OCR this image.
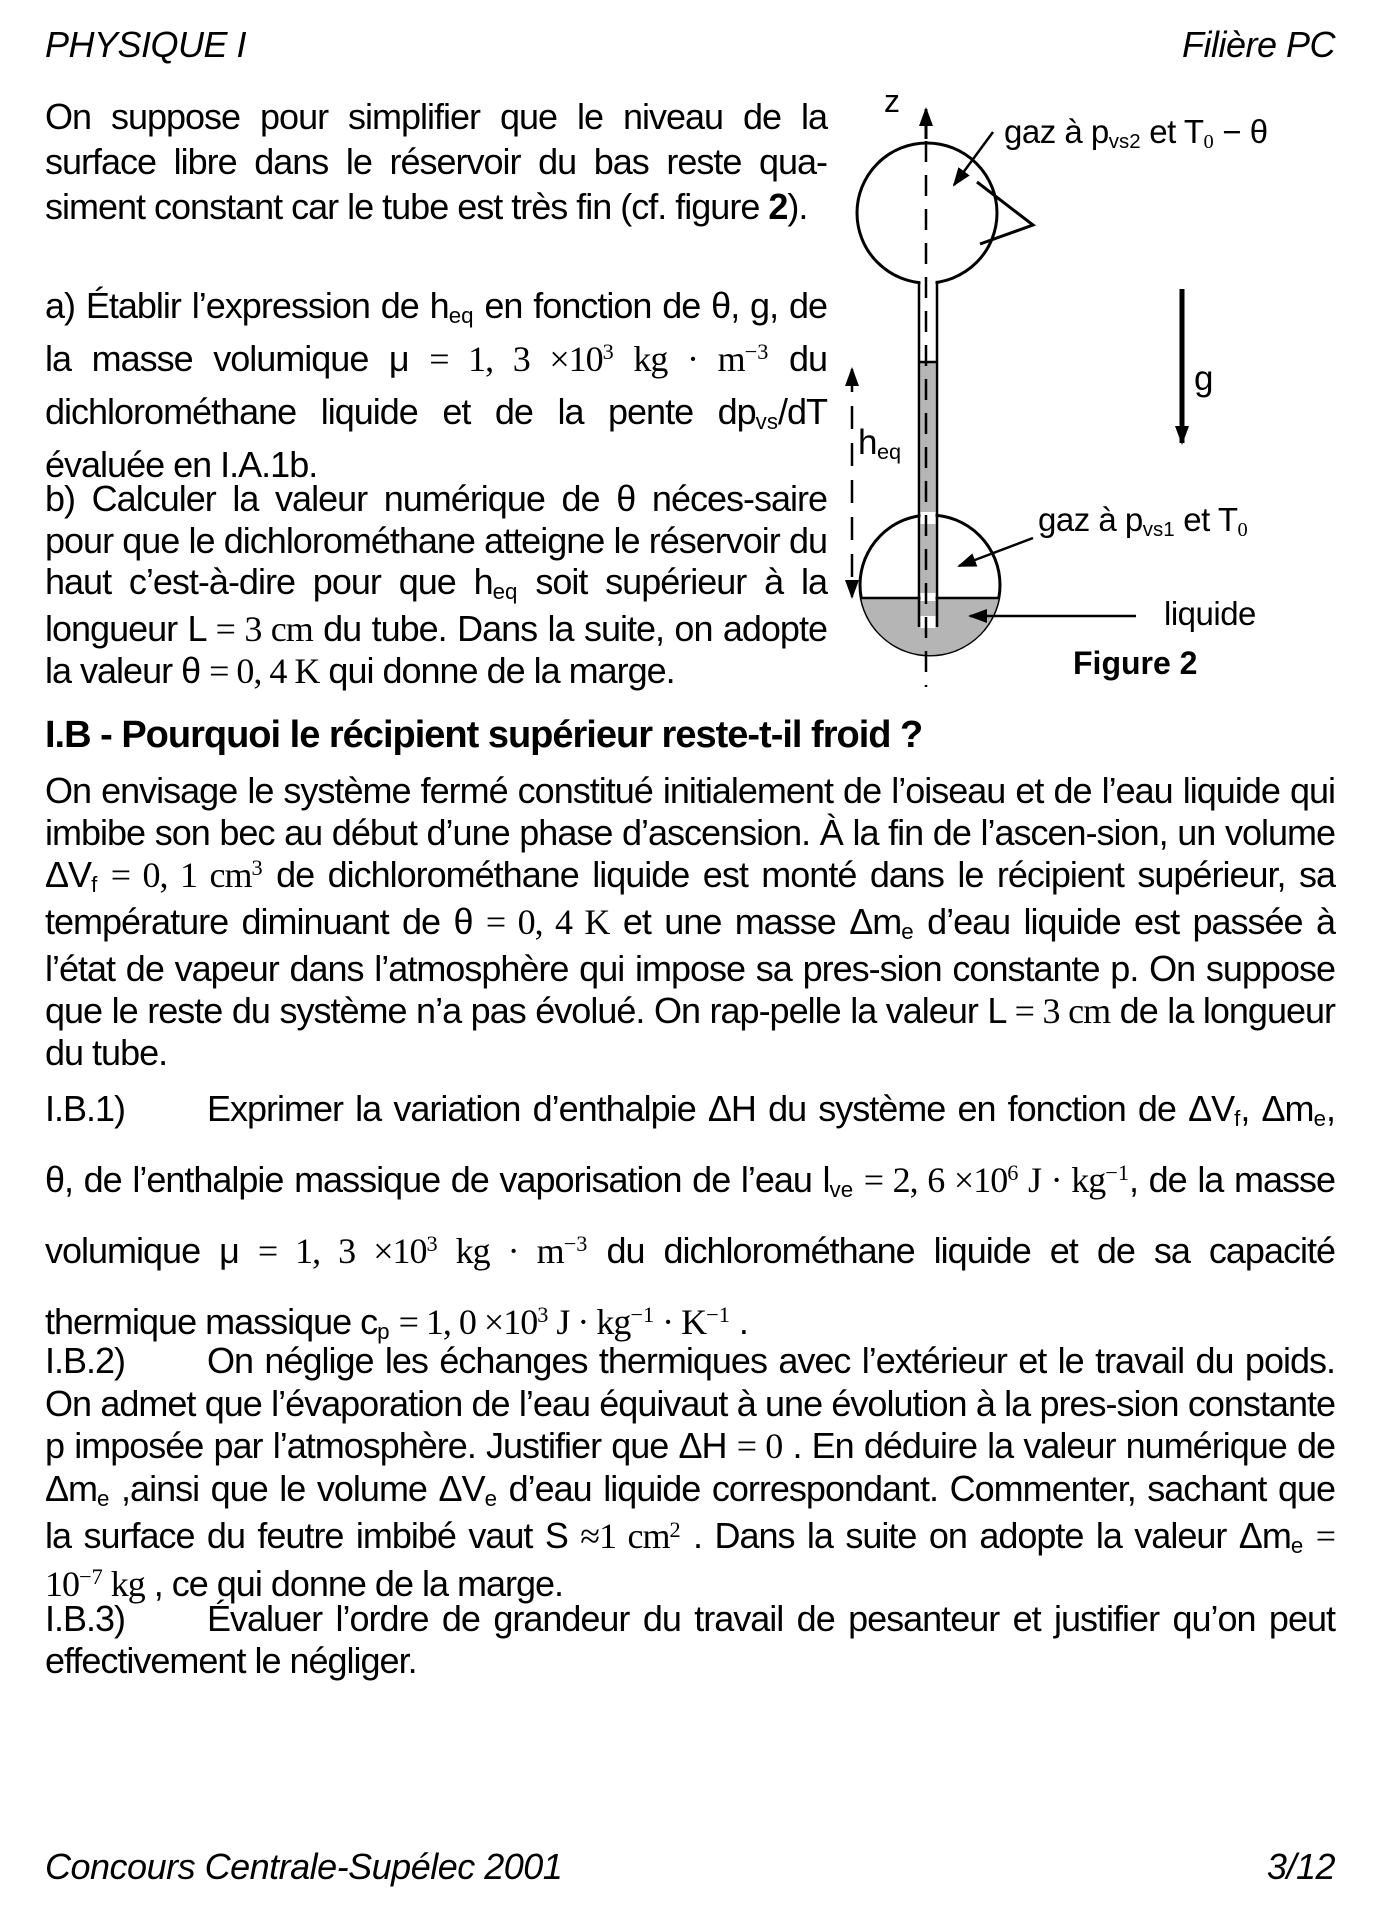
PHYSIQUE I	Filière PC
On suppose pour simplifier que le niveau de la surface libre dans le réservoir du bas reste qua-siment constant car le tube est très fin (cf. figure 2).
a) Établir l’expression de heq en fonction de θ, g, de la masse volumique μ = 1, $3 \times 10^3$ kg · $m^{-3}$ du dichlorométhane liquide et de la pente dpvs/dT évaluée en I.A.1b.
b) Calculer la valeur numérique de θ néces-saire pour que le dichlorométhane atteigne le réservoir du haut c’est-à-dire pour que heq soit supérieur à la longueur L = 3 cm du tube. Dans la suite, on adopte la valeur θ = 0, 4 K qui donne de la marge.
I.B - Pourquoi le récipient supérieur reste-t-il froid ?
On envisage le système fermé constitué initialement de l’oiseau et de l’eau liquide qui imbibe son bec au début d’une phase d’ascension. À la fin de l’ascen-sion, un volume ΔVf = 0, 1 $cm^3$ de dichlorométhane liquide est monté dans le récipient supérieur, sa température diminuant de θ = 0, 4 K et une masse Δme d’eau liquide est passée à l’état de vapeur dans l’atmosphère qui impose sa pres-sion constante p. On suppose que le reste du système n’a pas évolué. On rap-pelle la valeur L = 3 cm de la longueur du tube.
I.B.1) Exprimer la variation d’enthalpie ΔH du système en fonction de ΔVf, Δme, θ, de l’enthalpie massique de vaporisation de l’eau lve = 2, $6 \times 10^6$ $J \cdot kg^{-1}$, de la masse volumique μ = 1, $3 \times 10^3$ kg · $m^{-3}$ du dichlorométhane liquide et de sa capacité thermique massique cp = 1, $0 \times 10^3$ $J \cdot kg^{-1} \cdot K^{-1}$ .
I.B.2) On néglige les échanges thermiques avec l’extérieur et le travail du poids. On admet que l’évaporation de l’eau équivaut à une évolution à la pres-sion constante p imposée par l’atmosphère. Justifier que ΔH = 0 . En déduire la valeur numérique de Δme ,ainsi que le volume ΔVe d’eau liquide correspondant. Commenter, sachant que la surface du feutre imbibé vaut S ≈1 $cm^2$ . Dans la suite on adopte la valeur $\Delta me = 10^{-7}$ kg , ce qui donne de la marge.
I.B.3) Évaluer l’ordre de grandeur du travail de pesanteur et justifier qu’on peut effectivement le négliger.
Concours Centrale-Supélec 2001	3/12
z
gaz à pvs2 et T0 − θ
heq
g
gaz à pvs1 et T0
liquide
Figure 2
